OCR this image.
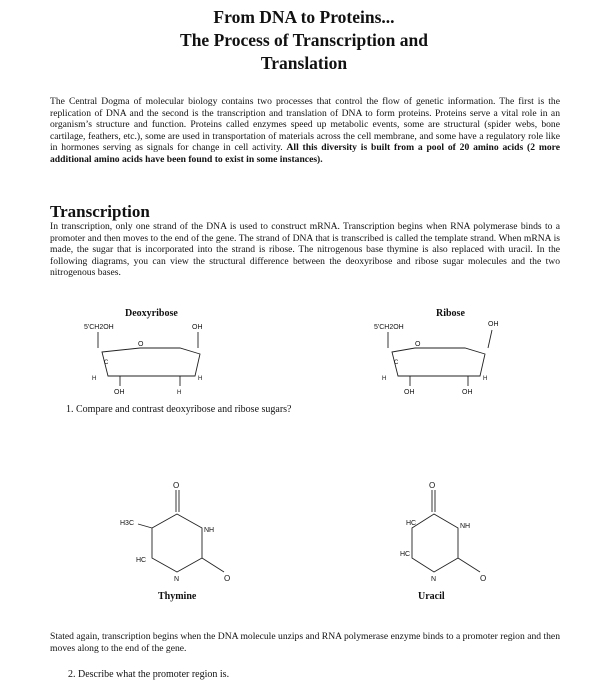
From DNA to Proteins...
The Process of Transcription and
Translation
The Central Dogma of molecular biology contains two processes that control the flow of genetic information. The first is the replication of DNA and the second is the transcription and translation of DNA to form proteins. Proteins serve a vital role in an organism’s structure and function. Proteins called enzymes speed up metabolic events, some are structural (spider webs, bone cartilage, feathers, etc.), some are used in transportation of materials across the cell membrane, and some have a regulatory role like in hormones serving as signals for change in cell activity. All this diversity is built from a pool of 20 amino acids (2 more additional amino acids have been found to exist in some instances).
Transcription
In transcription, only one strand of the DNA is used to construct mRNA. Transcription begins when RNA polymerase binds to a promoter and then moves to the end of the gene. The strand of DNA that is transcribed is called the template strand. When mRNA is made, the sugar that is incorporated into the strand is ribose. The nitrogenous base thymine is also replaced with uracil. In the following diagrams, you can view the structural difference between the deoxyribose and ribose sugar molecules and the two nitrogenous bases.
Deoxyribose	Ribose
5'CH2OH	OH
O
C
H	H
OH	H
5'CH2OH	OH
O
C
H	H
OH	OH
1. Compare and contrast deoxyribose and ribose sugars?
O
H3C
NH
HC
N	O
Thymine
O
HC	NH
HC
N	O
Uracil
Stated again, transcription begins when the DNA molecule unzips and RNA polymerase enzyme binds to a promoter region and then moves along to the end of the gene.
2. Describe what the promoter region is.
